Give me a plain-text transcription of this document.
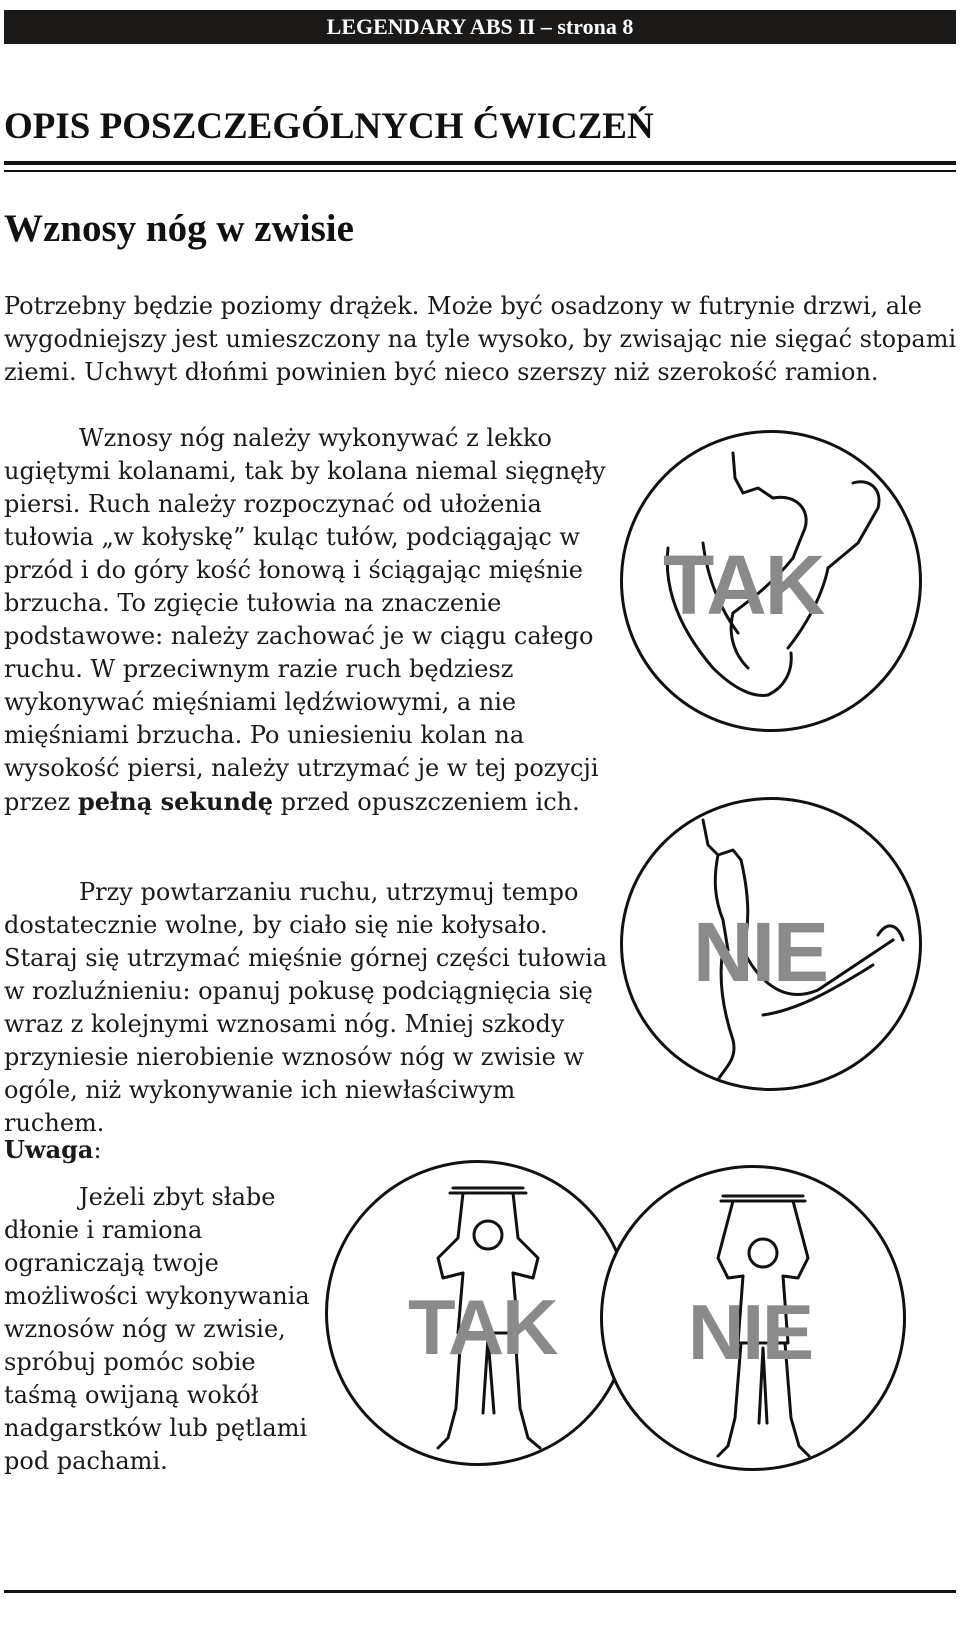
LEGENDARY ABS II – strona 8
OPIS POSZCZEGÓLNYCH ĆWICZEŃ
Wznosy nóg w zwisie

Potrzebny będzie poziomy drążek. Może być osadzony w futrynie drzwi, ale wygodniejszy jest umieszczony na tyle wysoko, by zwisając nie sięgać stopami ziemi. Uchwyt dłońmi powinien być nieco szerszy niż szerokość ramion.

Wznosy nóg należy wykonywać z lekko ugiętymi kolanami, tak by kolana niemal sięgnęły piersi. Ruch należy rozpoczynać od ułożenia tułowia „w kołyskę” kuląc tułów, podciągając w przód i do góry kość łonową i ściągając mięśnie brzucha. To zgięcie tułowia na znaczenie podstawowe: należy zachować je w ciągu całego ruchu. W przeciwnym razie ruch będziesz wykonywać mięśniami lędźwiowymi, a nie mięśniami brzucha. Po uniesieniu kolan na wysokość piersi, należy utrzymać je w tej pozycji przez pełną sekundę przed opuszczeniem ich.

Przy powtarzaniu ruchu, utrzymuj tempo dostatecznie wolne, by ciało się nie kołysało. Staraj się utrzymać mięśnie górnej części tułowia w rozluźnieniu: opanuj pokusę podciągnięcia się wraz z kolejnymi wznosami nóg. Mniej szkody przyniesie nierobienie wznosów nóg w zwisie w ogóle, niż wykonywanie ich niewłaściwym ruchem.

Uwaga:

Jeżeli zbyt słabe dłonie i ramiona ograniczają twoje możliwości wykonywania wznosów nóg w zwisie, spróbuj pomóc sobie taśmą owijaną wokół nadgarstków lub pętlami pod pachami.

TAK

NIE

TAK NIE
